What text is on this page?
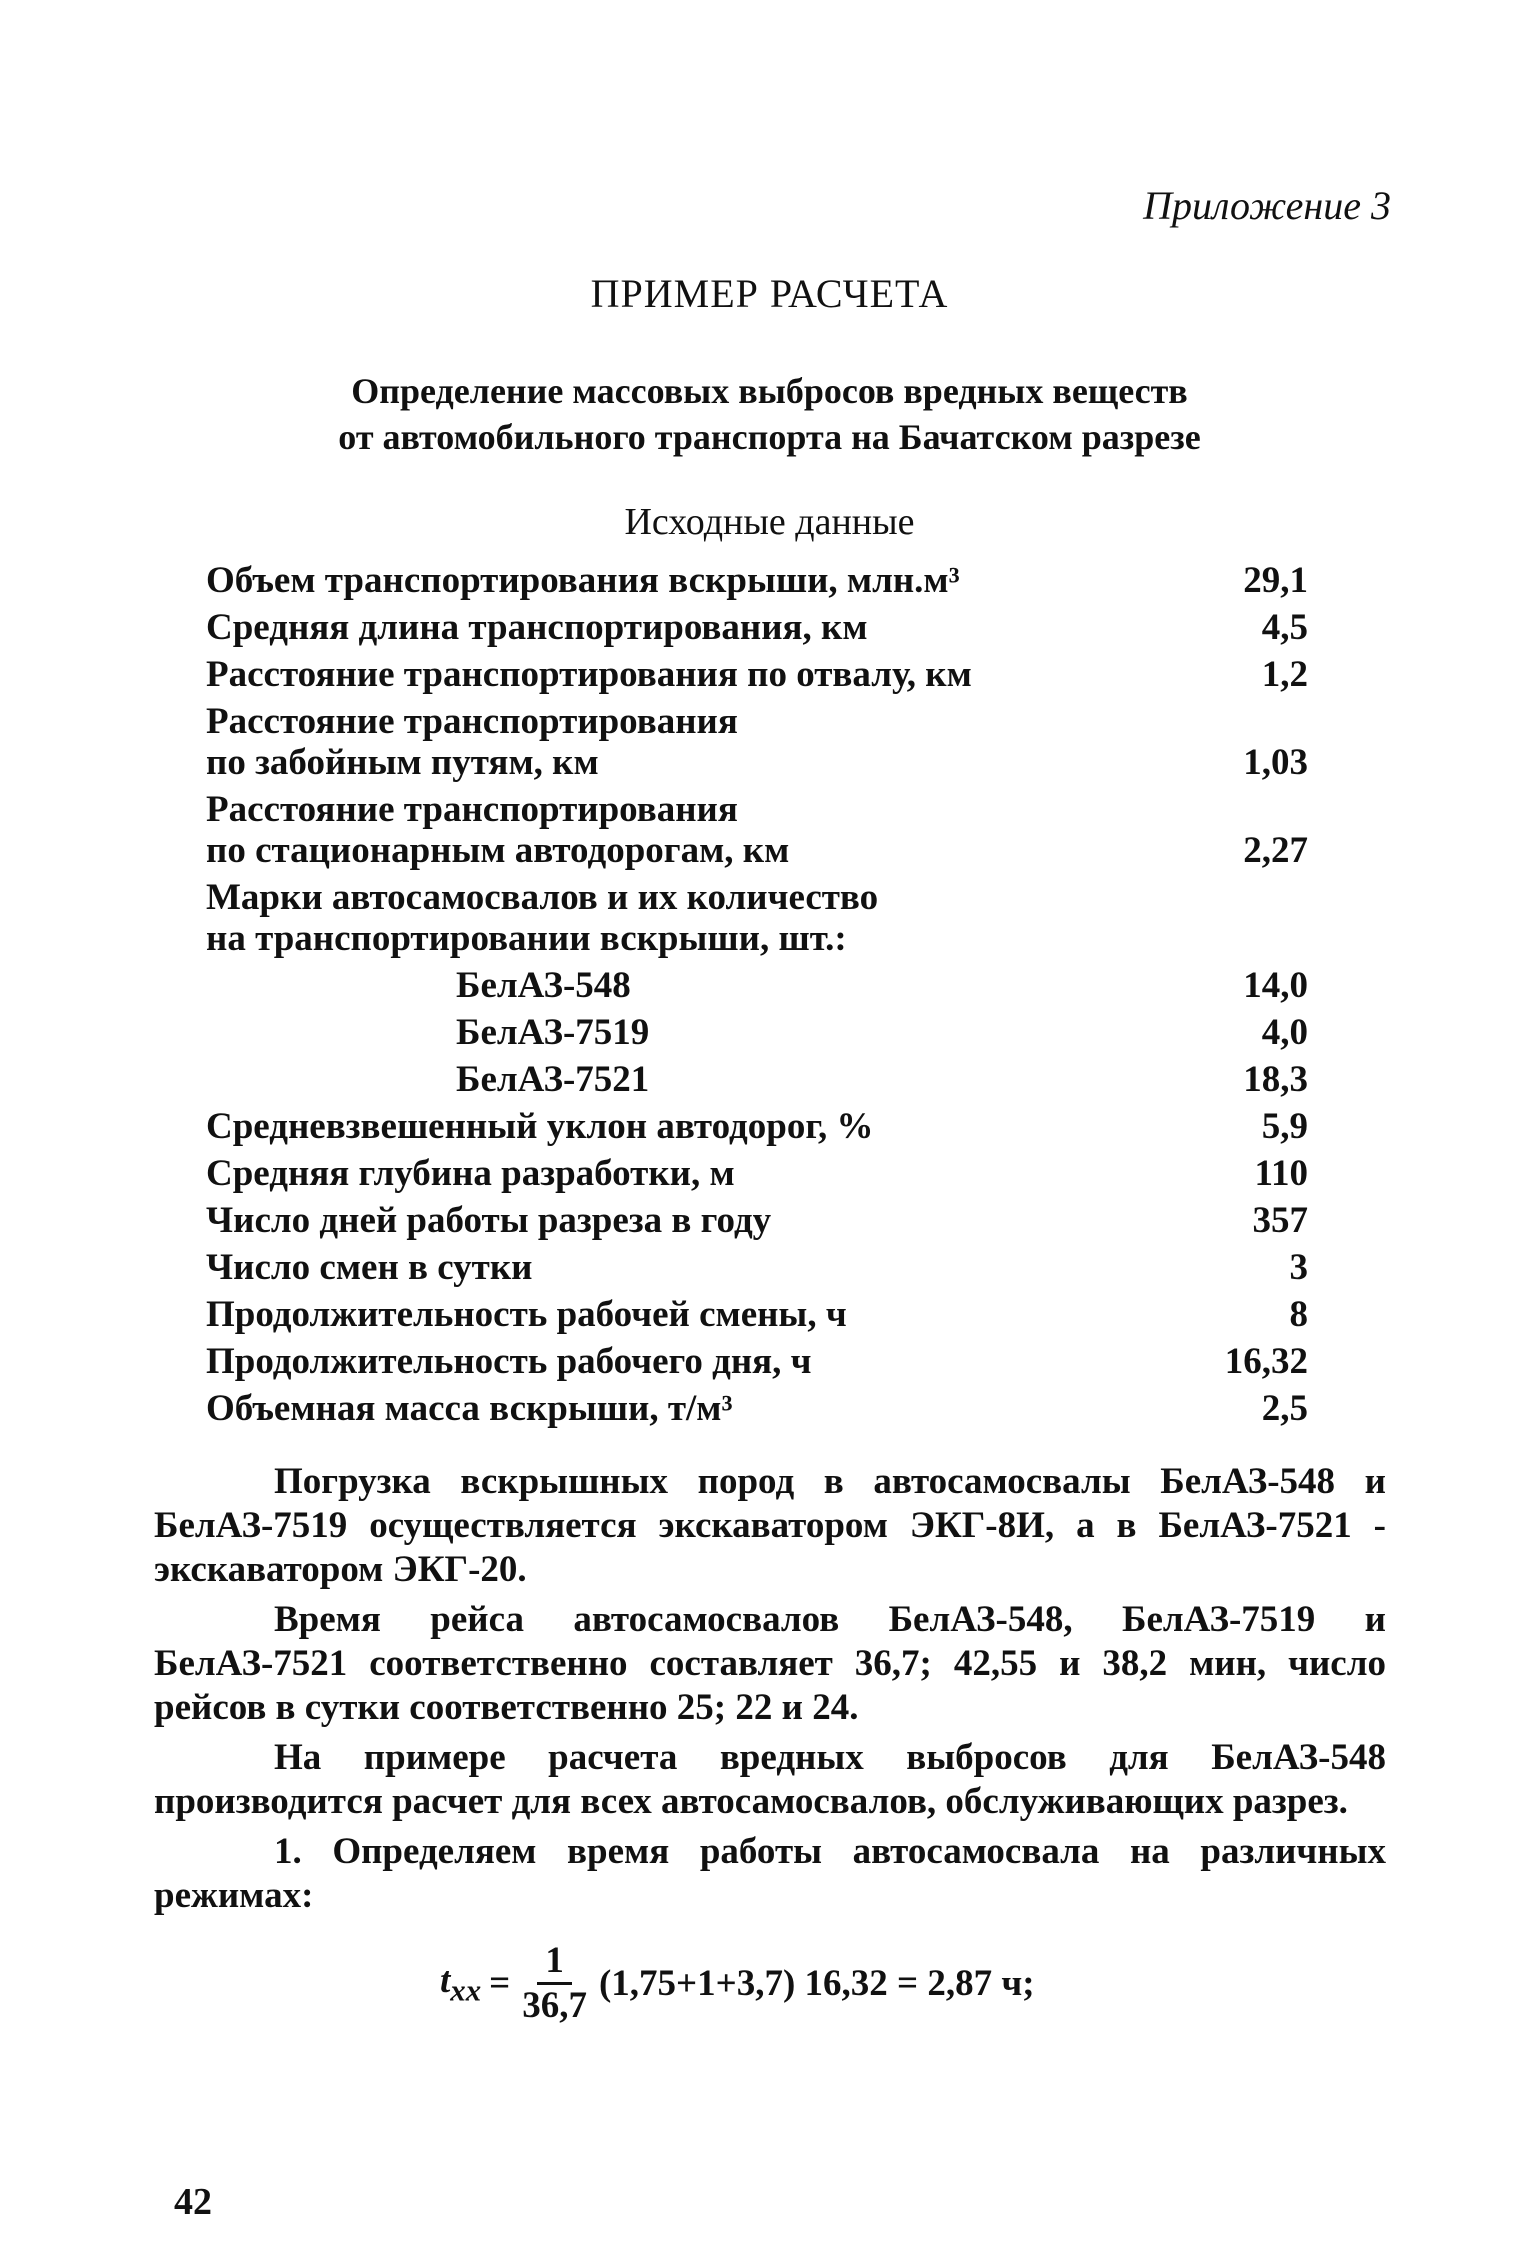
Приложение 3
ПРИМЕР РАСЧЕТА
Определение массовых выбросов вредных веществ
от автомобильного транспорта на Бачатском разрезе
Исходные данные
Объем транспортирования вскрыши, млн.м³	29,1
Средняя длина транспортирования, км	4,5
Расстояние транспортирования по отвалу, км	1,2
Расстояние транспортирования
по забойным путям, км	1,03
Расстояние транспортирования
по стационарным автодорогам, км	2,27
Марки автосамосвалов и их количество
на транспортировании вскрыши, шт.:
БелАЗ-548	14,0
БелАЗ-7519	4,0
БелАЗ-7521	18,3
Средневзвешенный уклон автодорог, %	5,9
Средняя глубина разработки, м	110
Число дней работы разреза в году	357
Число смен в сутки	3
Продолжительность рабочей смены, ч	8
Продолжительность рабочего дня, ч	16,32
Объемная масса вскрыши, т/м³	2,5

Погрузка вскрышных пород в автосамосвалы БелАЗ-548 и БелАЗ-7519 осуществляется экскаватором ЭКГ-8И, а в БелАЗ-7521 - экскаватором ЭКГ-20.

Время рейса автосамосвалов БелАЗ-548, БелАЗ-7519 и БелАЗ-7521 соответственно составляет 36,7; 42,55 и 38,2 мин, число рейсов в сутки соответственно 25; 22 и 24.

На примере расчета вредных выбросов для БелАЗ-548 производится расчет для всех автосамосвалов, обслуживающих разрез.

1. Определяем время работы автосамосвала на различных режимах:

$t_{xx} = \frac{1}{36,7} (1,75+1+3,7) 16,32 = 2,87$ ч;
42
